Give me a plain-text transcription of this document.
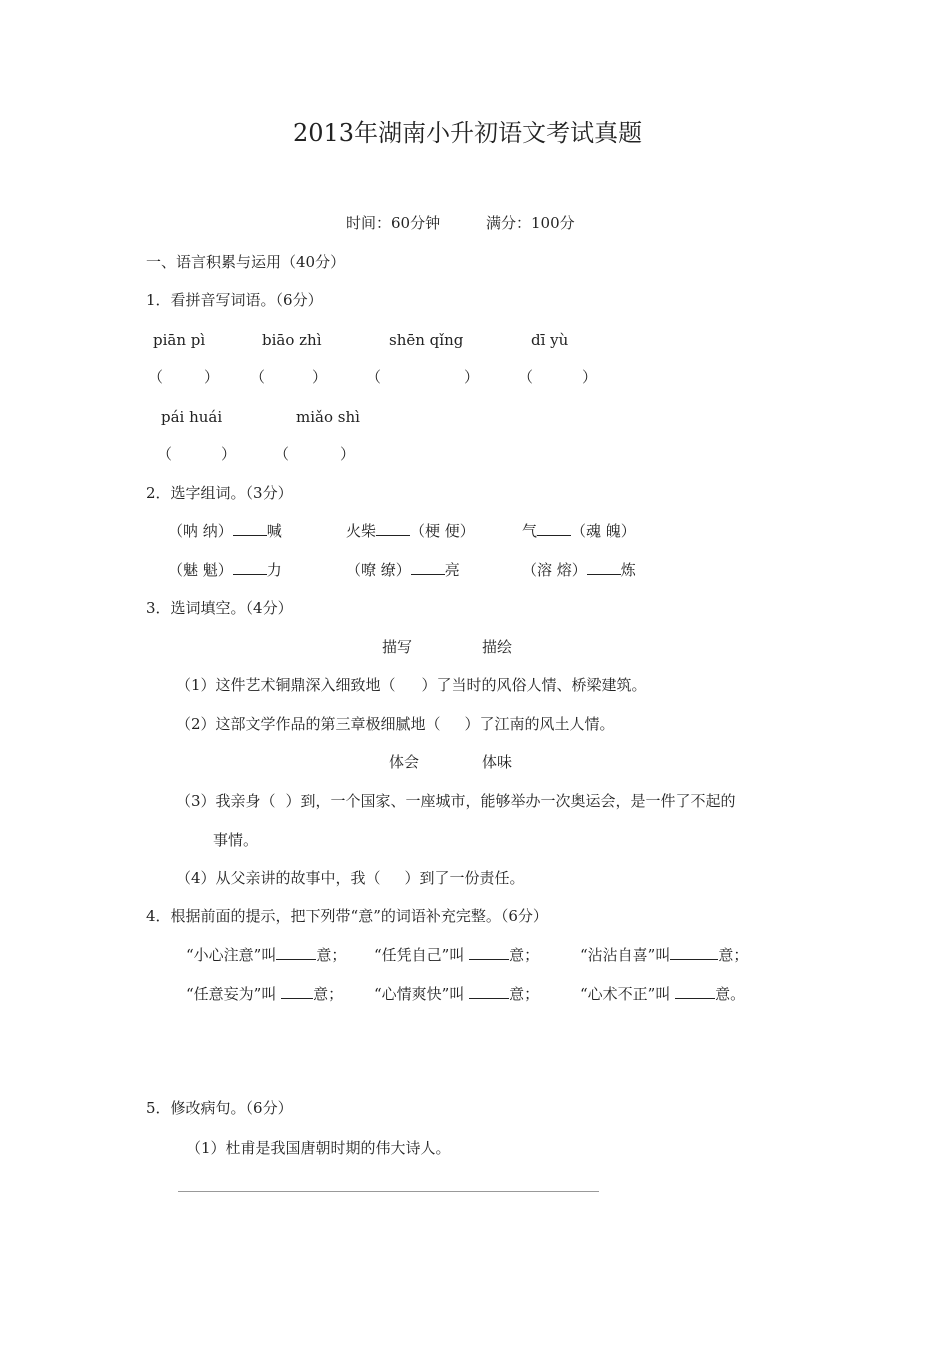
2013年湖南小升初语文考试真题
时间：60分钟	满分：100分
一、语言积累与运用（40分）
1．看拼音写词语。（6分）
piān pì	biāo zhì	shēn qǐng	dī yù
（	） （	）	（	）	（	）
pái huái	miǎo shì
（	）	（	）
2．选字组词。（3分）
（呐 纳） 喊	火柴 （梗 便）	气 （魂 魄）
（魅 魁） 力	（嘹 缭） 亮	（溶 熔） 炼
3．选词填空。（4分）
描写	描绘
（1）这件艺术铜鼎深入细致地（ ）了当时的风俗人情、桥梁建筑。
（2）这部文学作品的第三章极细腻地（ ）了江南的风土人情。
体会	体味
（3）我亲身（ ）到，一个国家、一座城市，能够举办一次奥运会，是一件了不起的
事情。
（4）从父亲讲的故事中，我（ ）到了一份责任。
4．根据前面的提示，把下列带“意”的词语补充完整。（6分）
“小心注意”叫	意； “任凭自己”叫	意；	“沾沾自喜”叫	意；
“任意妄为”叫 意； “心情爽快”叫	意；	“心术不正”叫	意。
5．修改病句。（6分）
（1）杜甫是我国唐朝时期的伟大诗人。
